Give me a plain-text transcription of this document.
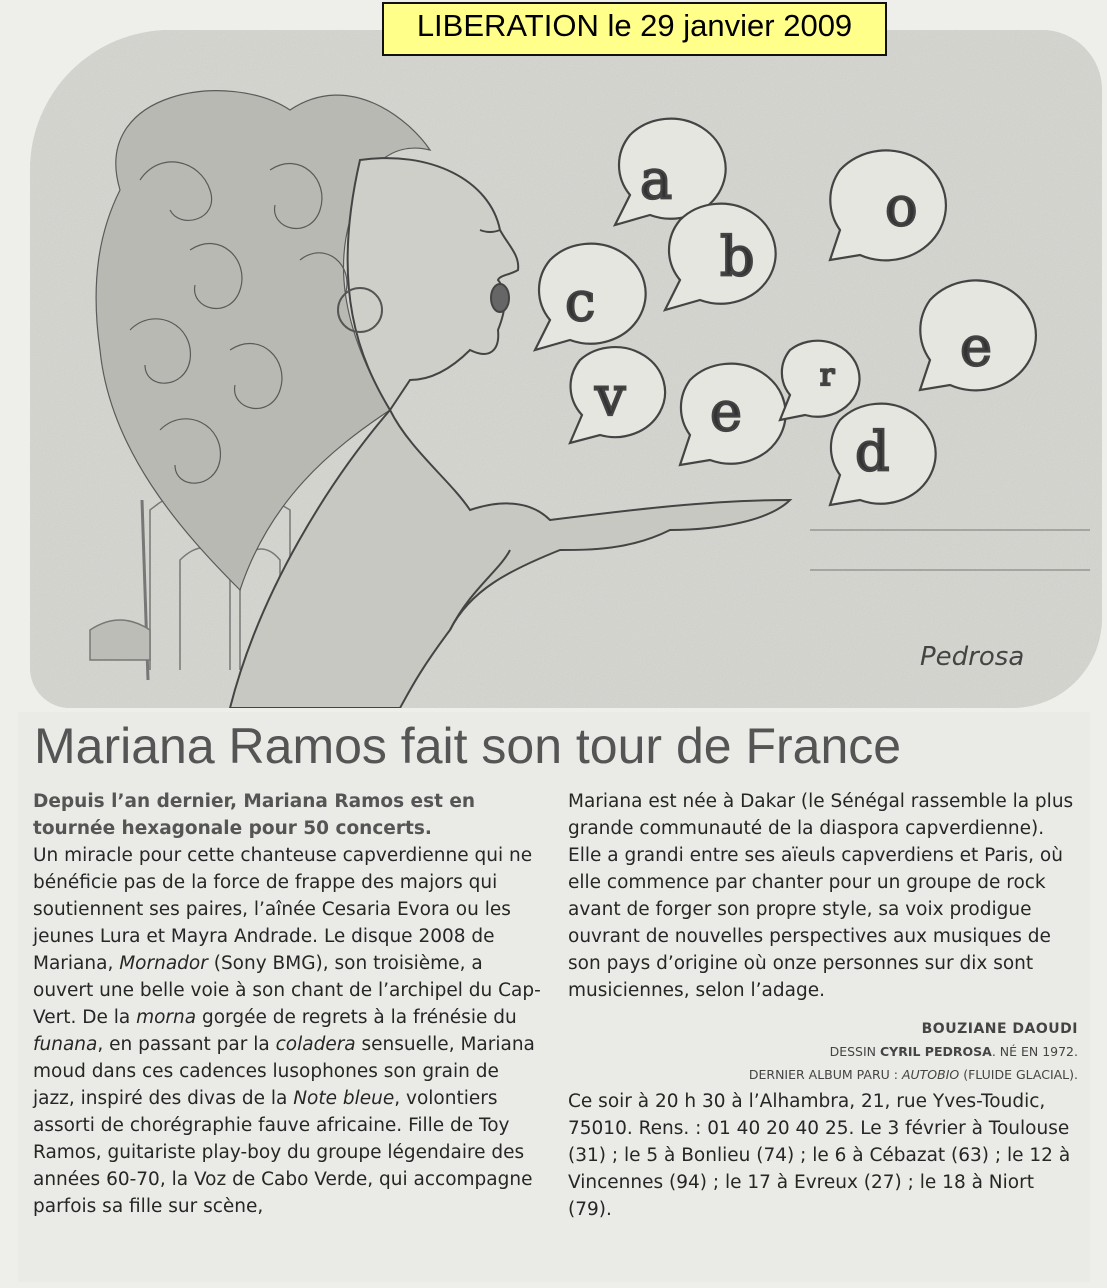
LIBERATION le 29 janvier 2009
a
c
b
o
v e
r
d
e
Pedrosa
Mariana Ramos fait son tour de France

Depuis l’an dernier, Mariana Ramos est en tournée hexagonale pour 50 concerts.

Un miracle pour cette chanteuse capverdienne qui ne bénéficie pas de la force de frappe des majors qui soutiennent ses paires, l’aînée Cesaria Evora ou les jeunes Lura et Mayra Andrade. Le disque 2008 de Mariana, Mornador (Sony BMG), son troisième, a ouvert une belle voie à son chant de l’archipel du Cap-Vert. De la morna gorgée de regrets à la frénésie du funana, en passant par la coladera sensuelle, Mariana moud dans ces cadences lusophones son grain de jazz, inspiré des divas de la Note bleue, volontiers assorti de chorégraphie fauve africaine. Fille de Toy Ramos, guitariste play-boy du groupe légendaire des années 60-70, la Voz de Cabo Verde, qui accompagne parfois sa fille sur scène,

Mariana est née à Dakar (le Sénégal rassemble la plus grande communauté de la diaspora capverdienne). Elle a grandi entre ses aïeuls capverdiens et Paris, où elle commence par chanter pour un groupe de rock avant de forger son propre style, sa voix prodigue ouvrant de nouvelles perspectives aux musiques de son pays d’origine où onze personnes sur dix sont musiciennes, selon l’adage.

BOUZIANE DAOUDI

DESSIN CYRIL PEDROSA. NÉ EN 1972.

DERNIER ALBUM PARU : AUTOBIO (FLUIDE GLACIAL).

Ce soir à 20 h 30 à l’Alhambra, 21, rue Yves-Toudic, 75010. Rens. : 01 40 20 40 25. Le 3 février à Toulouse (31) ; le 5 à Bonlieu (74) ; le 6 à Cébazat (63) ; le 12 à Vincennes (94) ; le 17 à Evreux (27) ; le 18 à Niort (79).
